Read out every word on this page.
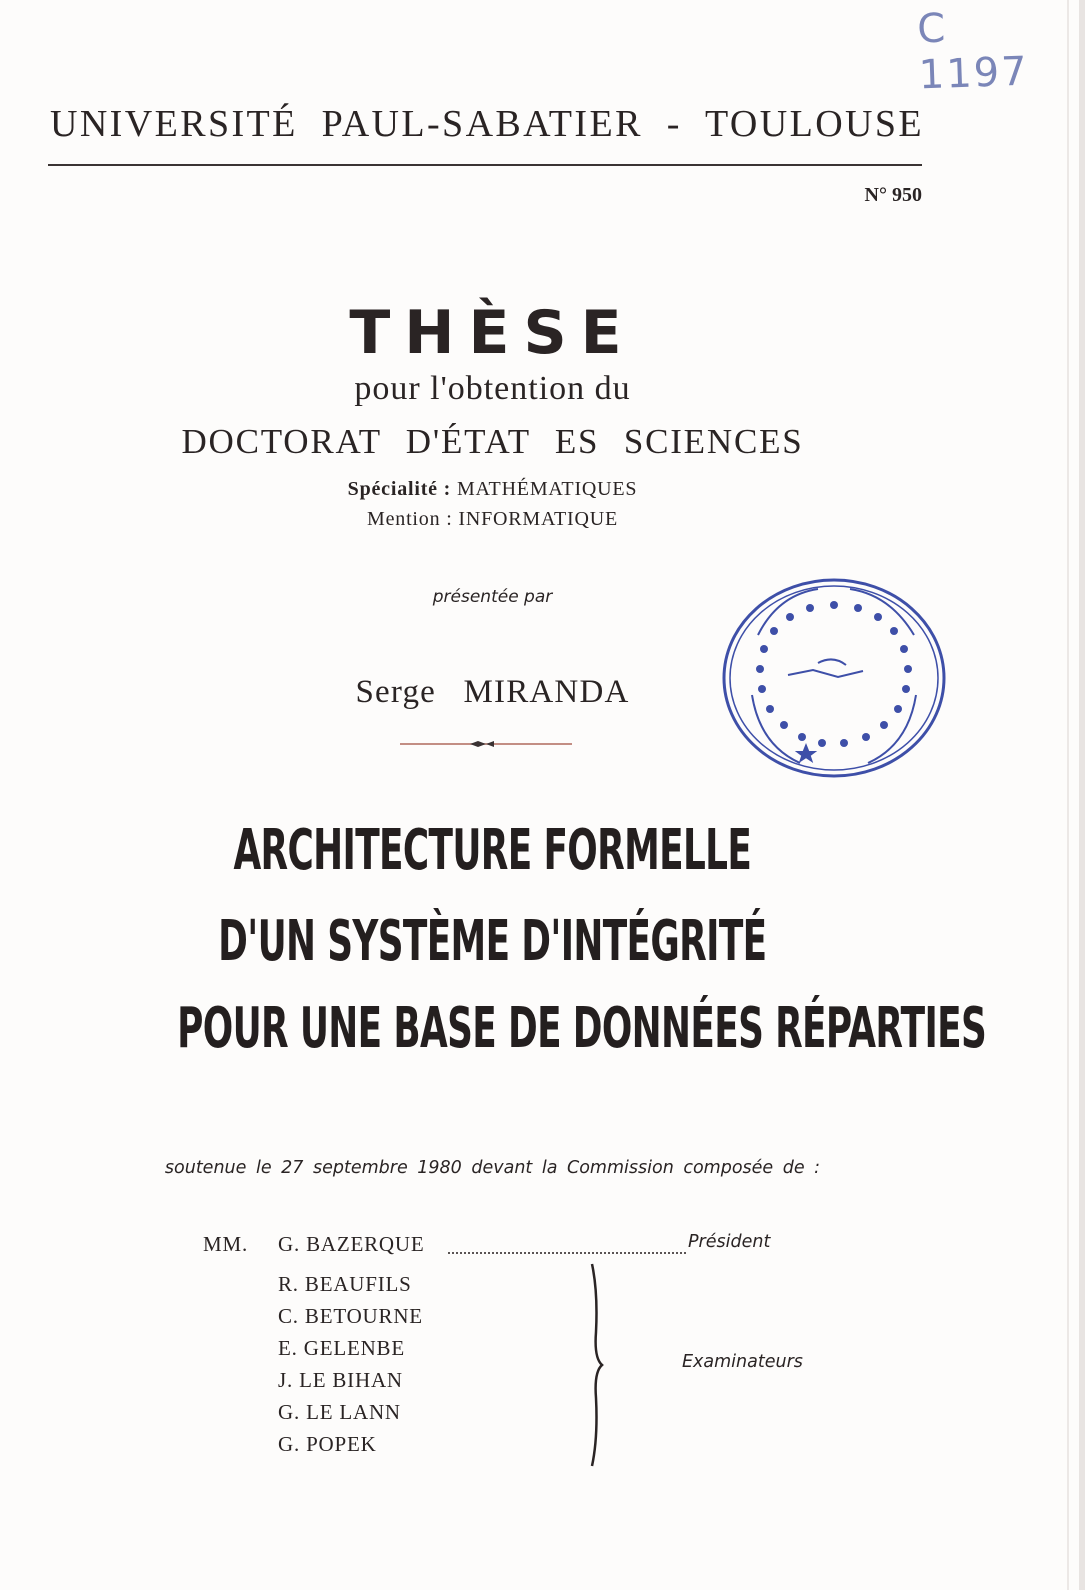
C 1197
UNIVERSITÉ PAUL-SABATIER - TOULOUSE
N° 950
THÈSE
pour l'obtention du
DOCTORAT D'ÉTAT ES SCIENCES
Spécialité : MATHÉMATIQUES
Mention : INFORMATIQUE
présentée par
Serge MIRANDA
ARCHITECTURE FORMELLE
D'UN SYSTÈME D'INTÉGRITÉ
POUR UNE BASE DE DONNÉES RÉPARTIES
soutenue le 27 septembre 1980 devant la Commission composée de :
MM. G. BAZERQUE	Président
R. BEAUFILS
C. BETOURNE
E. GELENBE
J. LE BIHAN
G. LE LANN
G. POPEK
Examinateurs
